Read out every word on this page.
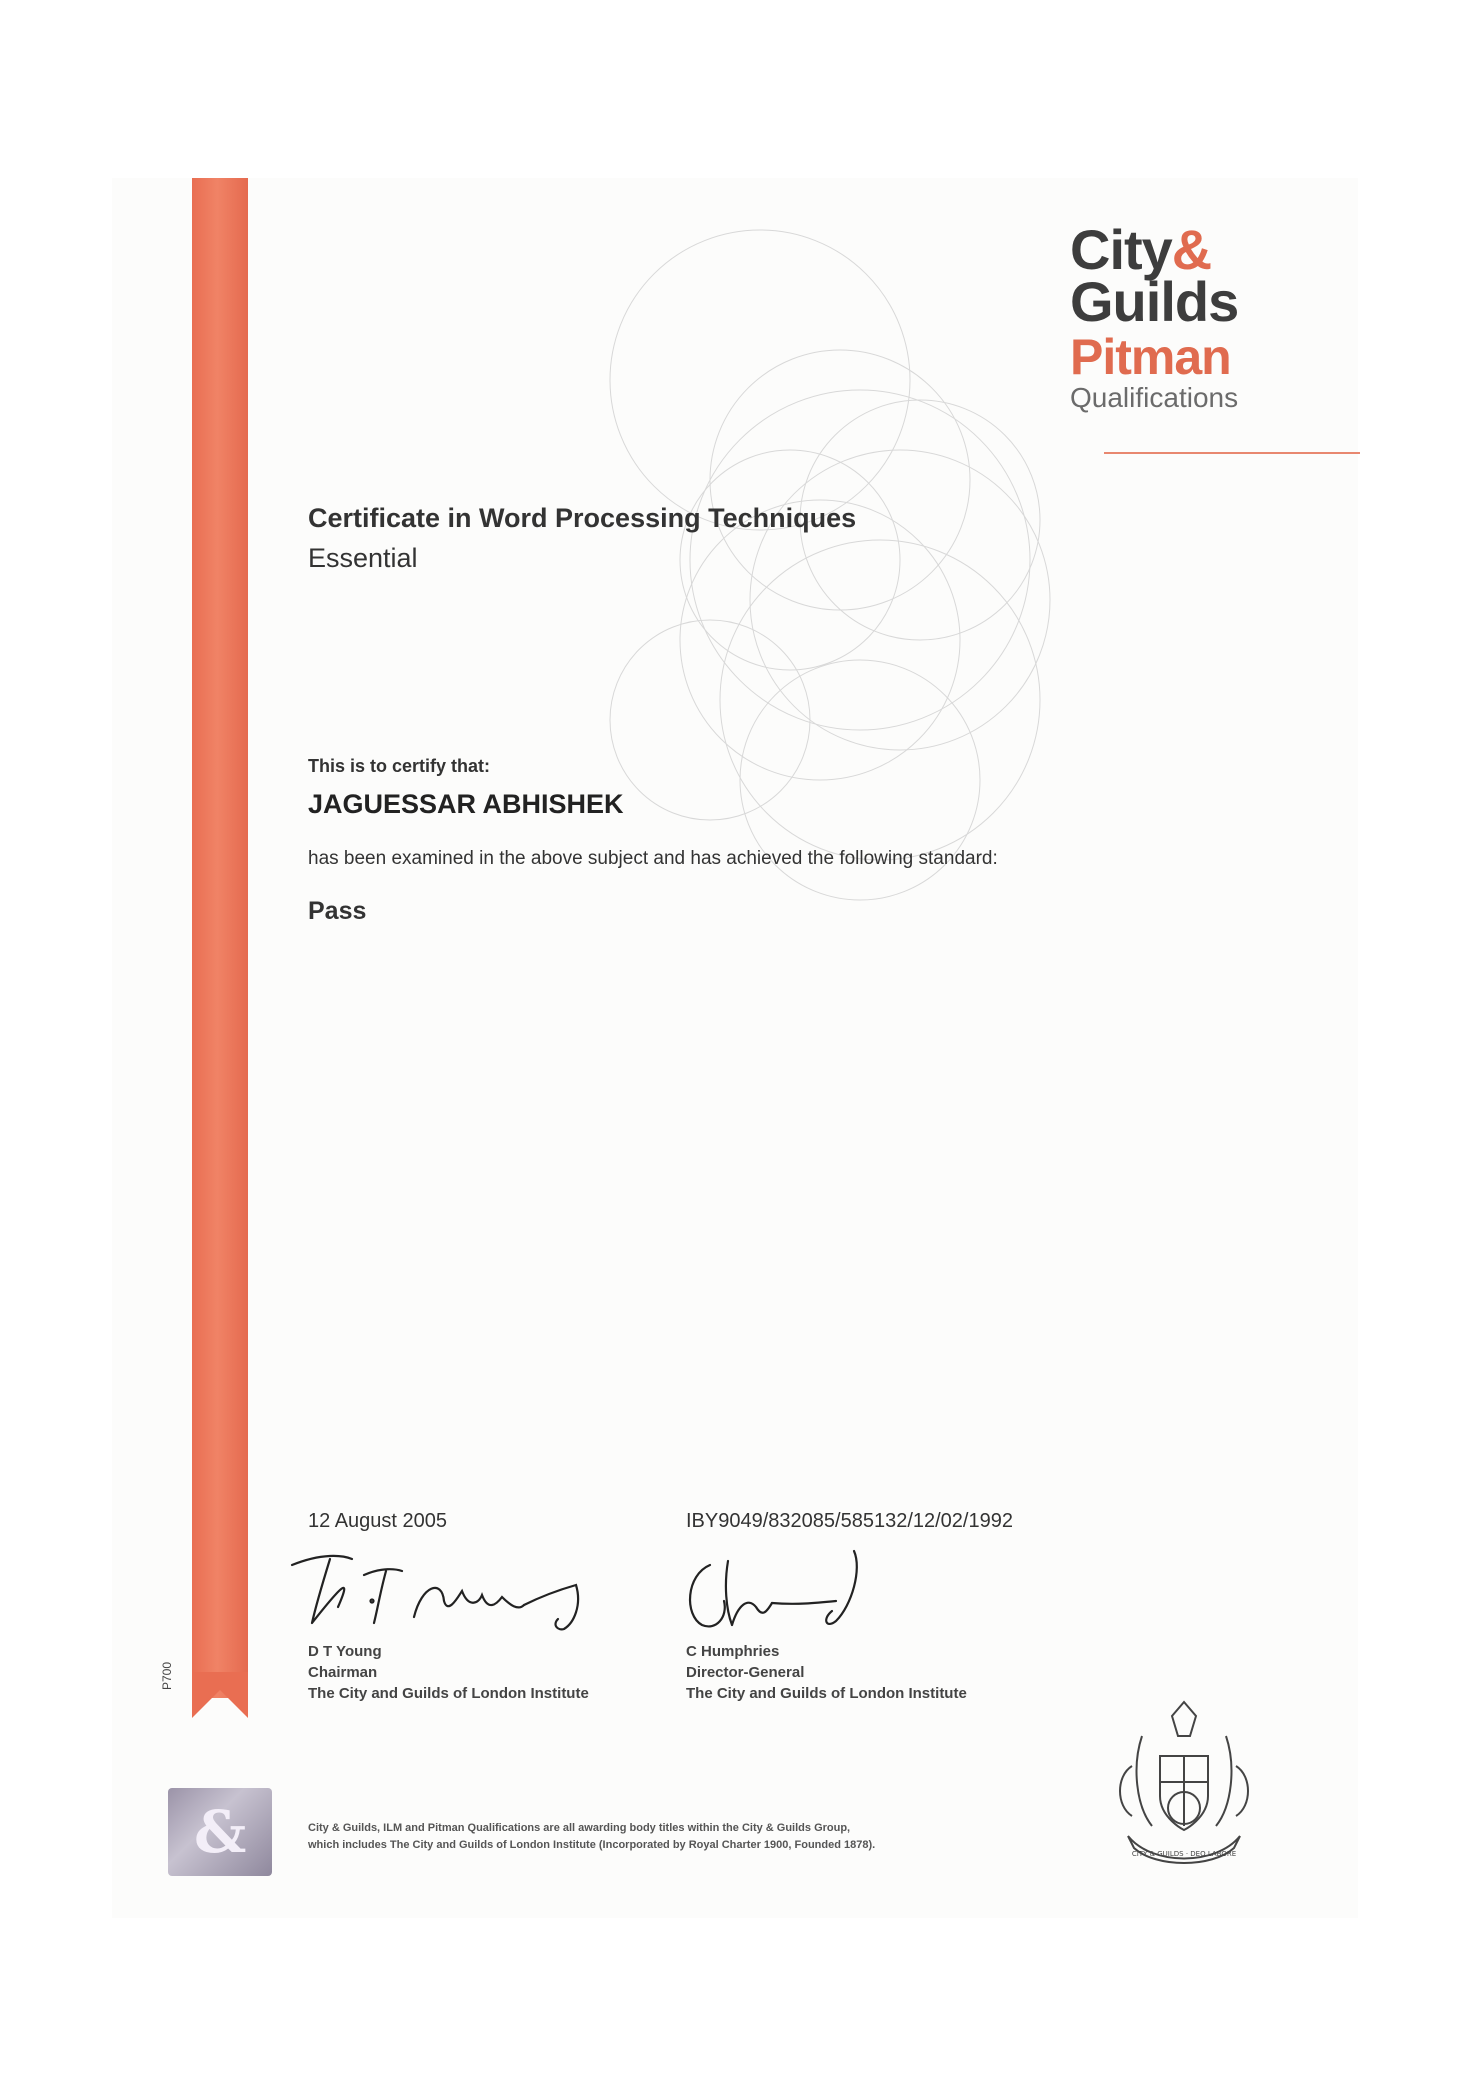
City&
Guilds
Pitman
Qualifications
Certificate in Word Processing Techniques
Essential
This is to certify that:
JAGUESSAR ABHISHEK
has been examined in the above subject and has achieved the following standard:
Pass
12 August 2005	IBY9049/832085/585132/12/02/1992
D T Young
Chairman
The City and Guilds of London Institute
C Humphries
Director-General
The City and Guilds of London Institute
P700
&	City & Guilds, ILM and Pitman Qualifications are all awarding body titles within the City & Guilds Group,
which includes The City and Guilds of London Institute (Incorporated by Royal Charter 1900, Founded 1878).
CITY & GUILDS · DEO LABORE
